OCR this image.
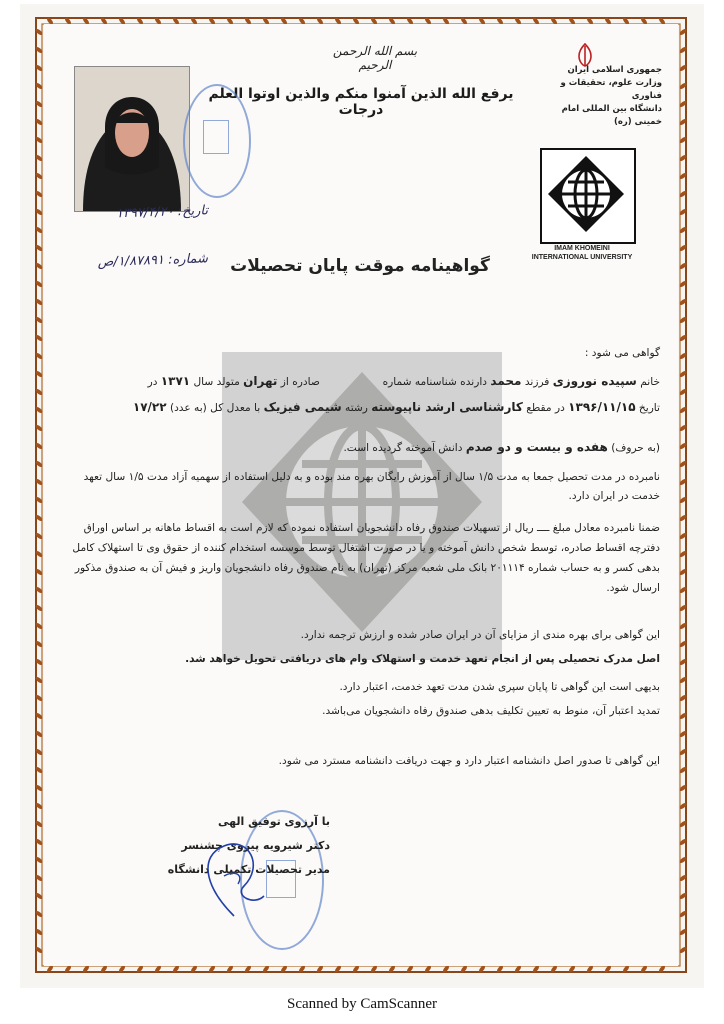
بسم الله الرحمن الرحیم
یرفع الله الذین آمنوا منکم والذین اوتوا العلم درجات
جمهوری اسلامی ایران
وزارت علوم، تحقیقات و فناوری
دانشگاه بین المللی امام خمینی (ره)
IMAM KHOMEINI
INTERNATIONAL UNIVERSITY
تاریخ: ۱۳۹۷/۴/۲۰
شماره: ۱/۸۷۸۹۱/ص	گواهینامه موقت پایان تحصیلات
گواهی می شود :
خانم سپیده نوروزی فرزند محمد دارنده شناسنامه شماره  صادره از تهران متولد سال ۱۳۷۱ در
تاریخ ۱۳۹۶/۱۱/۱۵ در مقطع کارشناسی ارشد ناپیوسته رشته شیمی فیزیک با معدل کل (به عدد) ۱۷/۲۲
(به حروف) هفده و بیست و دو صدم دانش آموخته گردیده است.
نامبرده در مدت تحصیل جمعا به مدت ۱/۵ سال از آموزش رایگان بهره مند بوده و به دلیل استفاده از سهمیه آزاد مدت ۱/۵ سال تعهد خدمت در ایران دارد.
ضمنا نامبرده معادل مبلغ ــــ ریال از تسهیلات صندوق رفاه دانشجویان استفاده نموده که لازم است به اقساط ماهانه بر اساس اوراق دفترچه اقساط صادره، توسط شخص دانش آموخته و یا در صورت اشتغال توسط موسسه استخدام کننده از حقوق وی تا استهلاک کامل بدهی کسر و به حساب شماره ۲۰۱۱۱۴ بانک ملی شعبه مرکز (تهران) به نام صندوق رفاه دانشجویان واریز و فیش آن به صندوق مذکور ارسال شود.
این گواهی برای بهره مندی از مزایای آن در ایران صادر شده و ارزش ترجمه ندارد.
اصل مدرک تحصیلی پس از انجام تعهد خدمت و استهلاک وام های دریافتی تحویل خواهد شد.
بدیهی است این گواهی تا پایان سپری شدن مدت تعهد خدمت، اعتبار دارد.
تمدید اعتبار آن، منوط به تعیین تکلیف بدهی صندوق رفاه دانشجویان می‌باشد.
این گواهی تا صدور اصل دانشنامه اعتبار دارد و جهت دریافت دانشنامه مسترد می شود.
با آرزوی توفیق الهی
دکتر شیرویه پیروی چشنسر
مدیر تحصیلات تکمیلی دانشگاه
Scanned by CamScanner
